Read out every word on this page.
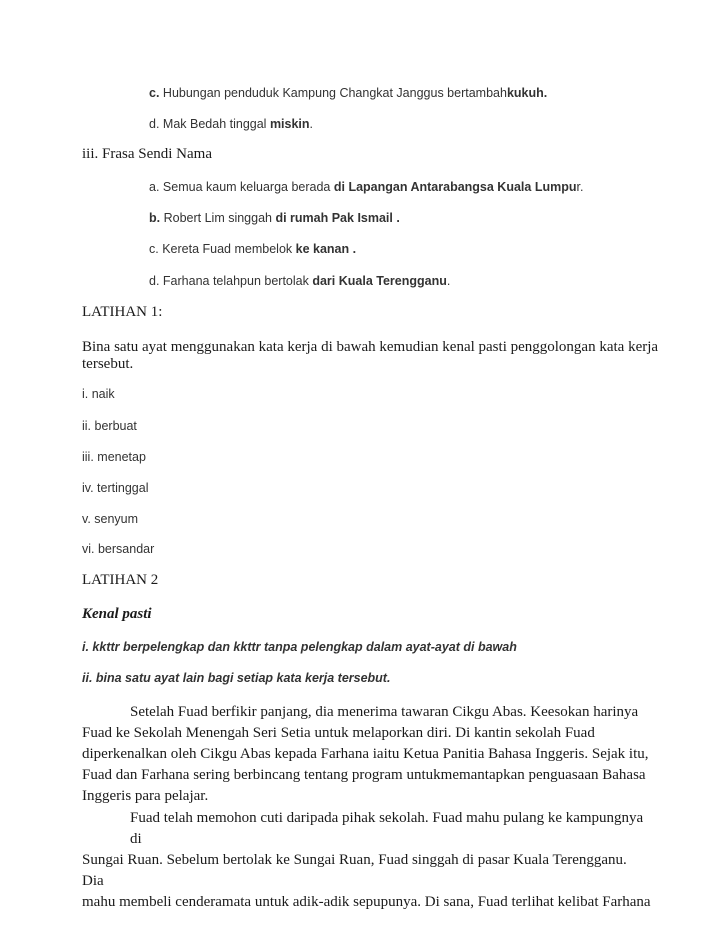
c. Hubungan penduduk Kampung Changkat Janggus bertambahkukuh.
d. Mak Bedah tinggal miskin.
iii. Frasa Sendi Nama
a. Semua kaum keluarga berada di Lapangan Antarabangsa Kuala Lumpur.
b. Robert Lim singgah di rumah Pak Ismail .
c. Kereta Fuad membelok ke kanan .
d. Farhana telahpun bertolak dari Kuala Terengganu.
LATIHAN 1:
Bina satu ayat menggunakan kata kerja di bawah kemudian kenal pasti penggolongan kata kerja
tersebut.
i. naik
ii. berbuat
iii. menetap
iv. tertinggal
v. senyum
vi. bersandar
LATIHAN 2
Kenal pasti
i. kkttr berpelengkap dan kkttr tanpa pelengkap dalam ayat-ayat di bawah
ii. bina satu ayat lain bagi setiap kata kerja tersebut.
Setelah Fuad berfikir panjang, dia menerima tawaran Cikgu Abas. Keesokan harinya
Fuad ke Sekolah Menengah Seri Setia untuk melaporkan diri. Di kantin sekolah Fuad
diperkenalkan oleh Cikgu Abas kepada Farhana iaitu Ketua Panitia Bahasa Inggeris. Sejak itu,
Fuad dan Farhana sering berbincang tentang program untukmemantapkan penguasaan Bahasa
Inggeris para pelajar.
Fuad telah memohon cuti daripada pihak sekolah. Fuad mahu pulang ke kampungnya di
Sungai Ruan. Sebelum bertolak ke Sungai Ruan, Fuad singgah di pasar Kuala Terengganu. Dia
mahu membeli cenderamata untuk adik-adik sepupunya. Di sana, Fuad terlihat kelibat Farhana
